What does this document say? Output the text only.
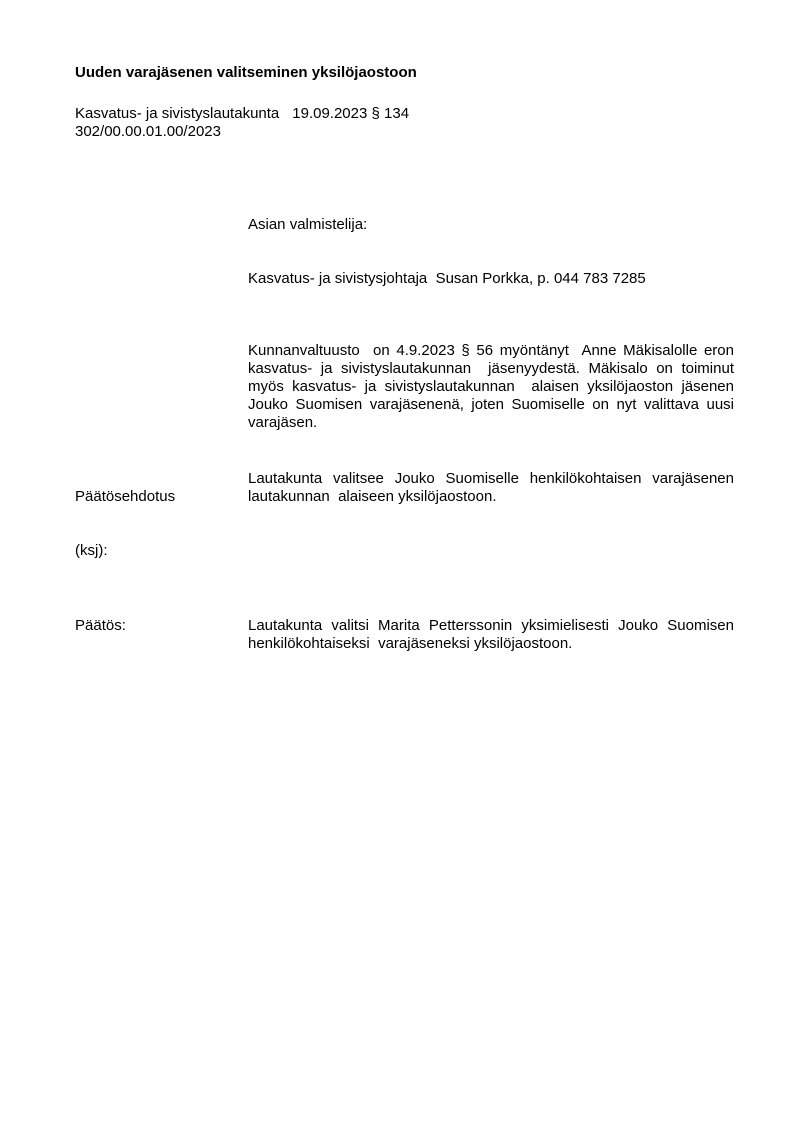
Uuden varajäsenen valitseminen yksilöjaostoon
Kasvatus- ja sivistyslautakunta 19.09.2023 § 134
302/00.00.01.00/2023

Asian valmistelija:

Kasvatus- ja sivistysjohtaja  Susan Porkka, p. 044 783 7285

Kunnanvaltuusto  on 4.9.2023 § 56 myöntänyt  Anne Mäkisalolle eron kasvatus- ja sivistyslautakunnan  jäsenyydestä. Mäkisalo on toiminut myös kasvatus- ja sivistyslautakunnan  alaisen yksilöjaoston jäsenen Jouko Suomisen varajäsenenä, joten Suomiselle on nyt valittava uusi varajäsen.

Päätösehdotus

(ksj):

Lautakunta valitsee Jouko Suomiselle henkilökohtaisen varajäsenen lautakunnan  alaiseen yksilöjaostoon.
Päätös:	Lautakunta valitsi Marita Petterssonin yksimielisesti Jouko Suomisen henkilökohtaiseksi  varajäseneksi yksilöjaostoon.
